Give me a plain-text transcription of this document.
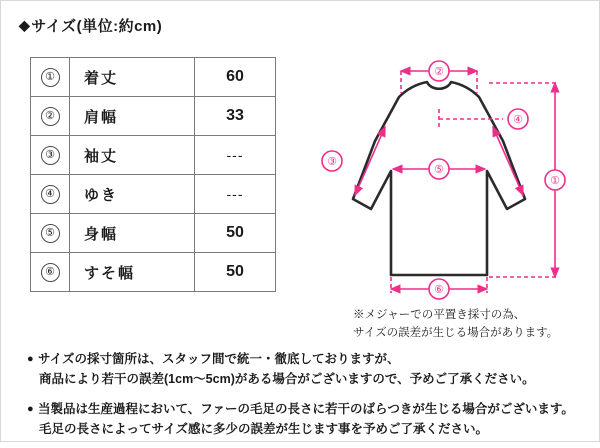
◆サイズ(単位:約cm)
①	着丈	60
②	肩幅	33
③	袖丈	---
④	ゆき	---
⑤	身幅	50
⑥	すそ幅	50
②
④
③
⑤
⑥
①
※メジャーでの平置き採寸の為、
サイズの誤差が生じる場合があります。
● サイズの採寸箇所は、スタッフ間で統一・徹底しておりますが、
商品により若干の誤差(1cm～5cm)がある場合がございますので、予めご了承ください。
● 当製品は生産過程において、ファーの毛足の長さに若干のばらつきが生じる場合がございます。
毛足の長さによってサイズ感に多少の誤差が生じます事を予めご了承ください。
